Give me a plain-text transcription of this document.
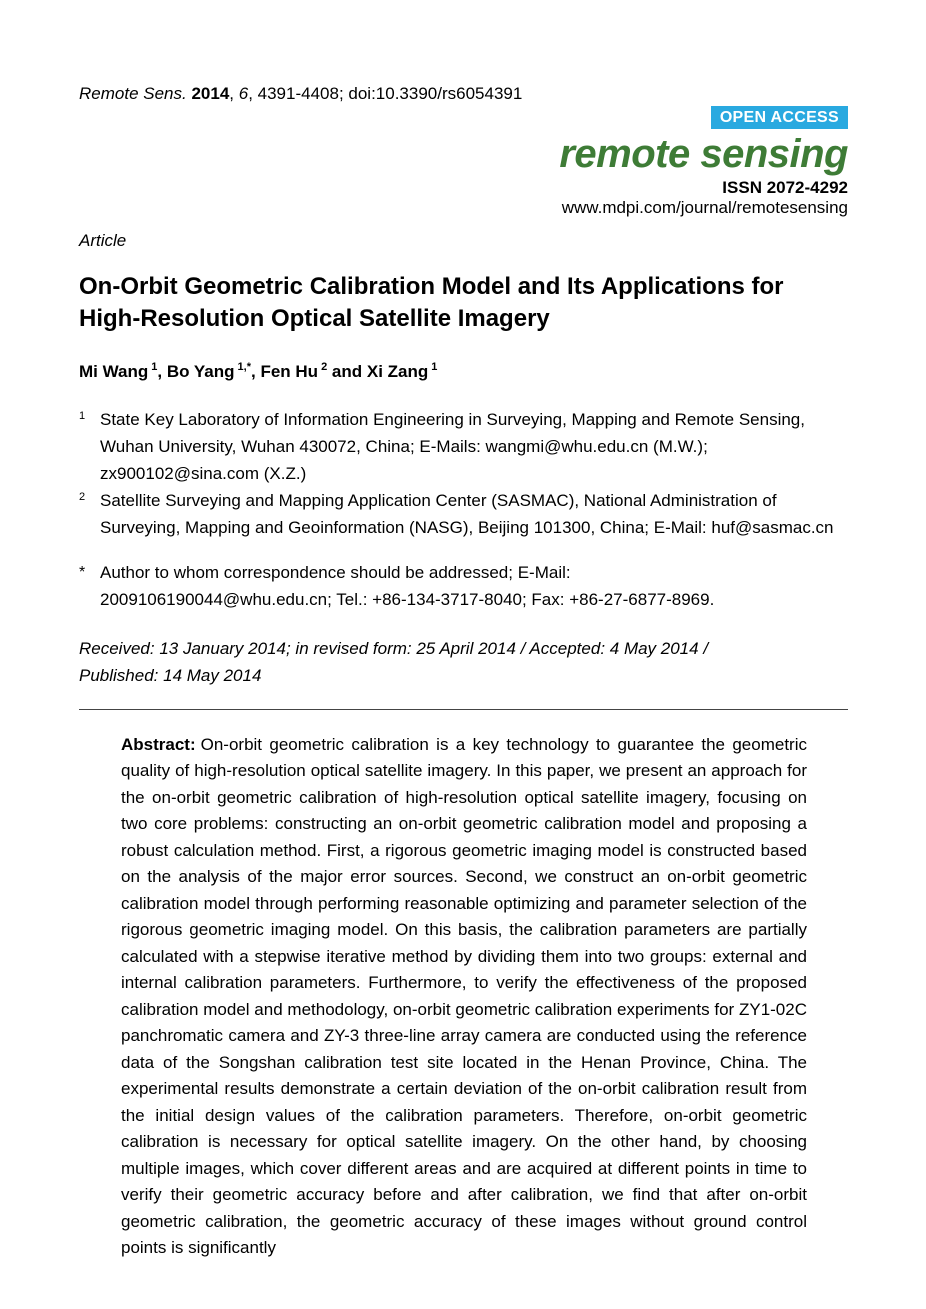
Remote Sens. 2014, 6, 4391-4408; doi:10.3390/rs6054391

OPEN ACCESS
remote sensing
ISSN 2072-4292
www.mdpi.com/journal/remotesensing

Article

On-Orbit Geometric Calibration Model and Its Applications for High-Resolution Optical Satellite Imagery

Mi Wang $^1$, Bo Yang $^{1,*}$, Fen Hu $^2$ and Xi Zang $^1$

1 State Key Laboratory of Information Engineering in Surveying, Mapping and Remote Sensing, Wuhan University, Wuhan 430072, China; E-Mails: wangmi@whu.edu.cn (M.W.); zx900102@sina.com (X.Z.)
2 Satellite Surveying and Mapping Application Center (SASMAC), National Administration of Surveying, Mapping and Geoinformation (NASG), Beijing 101300, China; E-Mail: huf@sasmac.cn
* Author to whom correspondence should be addressed; E-Mail: 2009106190044@whu.edu.cn; Tel.: +86-134-3717-8040; Fax: +86-27-6877-8969.

Received: 13 January 2014; in revised form: 25 April 2014 / Accepted: 4 May 2014 / Published: 14 May 2014

Abstract: On-orbit geometric calibration is a key technology to guarantee the geometric quality of high-resolution optical satellite imagery. In this paper, we present an approach for the on-orbit geometric calibration of high-resolution optical satellite imagery, focusing on two core problems: constructing an on-orbit geometric calibration model and proposing a robust calculation method. First, a rigorous geometric imaging model is constructed based on the analysis of the major error sources. Second, we construct an on-orbit geometric calibration model through performing reasonable optimizing and parameter selection of the rigorous geometric imaging model. On this basis, the calibration parameters are partially calculated with a stepwise iterative method by dividing them into two groups: external and internal calibration parameters. Furthermore, to verify the effectiveness of the proposed calibration model and methodology, on-orbit geometric calibration experiments for ZY1-02C panchromatic camera and ZY-3 three-line array camera are conducted using the reference data of the Songshan calibration test site located in the Henan Province, China. The experimental results demonstrate a certain deviation of the on-orbit calibration result from the initial design values of the calibration parameters. Therefore, on-orbit geometric calibration is necessary for optical satellite imagery. On the other hand, by choosing multiple images, which cover different areas and are acquired at different points in time to verify their geometric accuracy before and after calibration, we find that after on-orbit geometric calibration, the geometric accuracy of these images without ground control points is significantly
